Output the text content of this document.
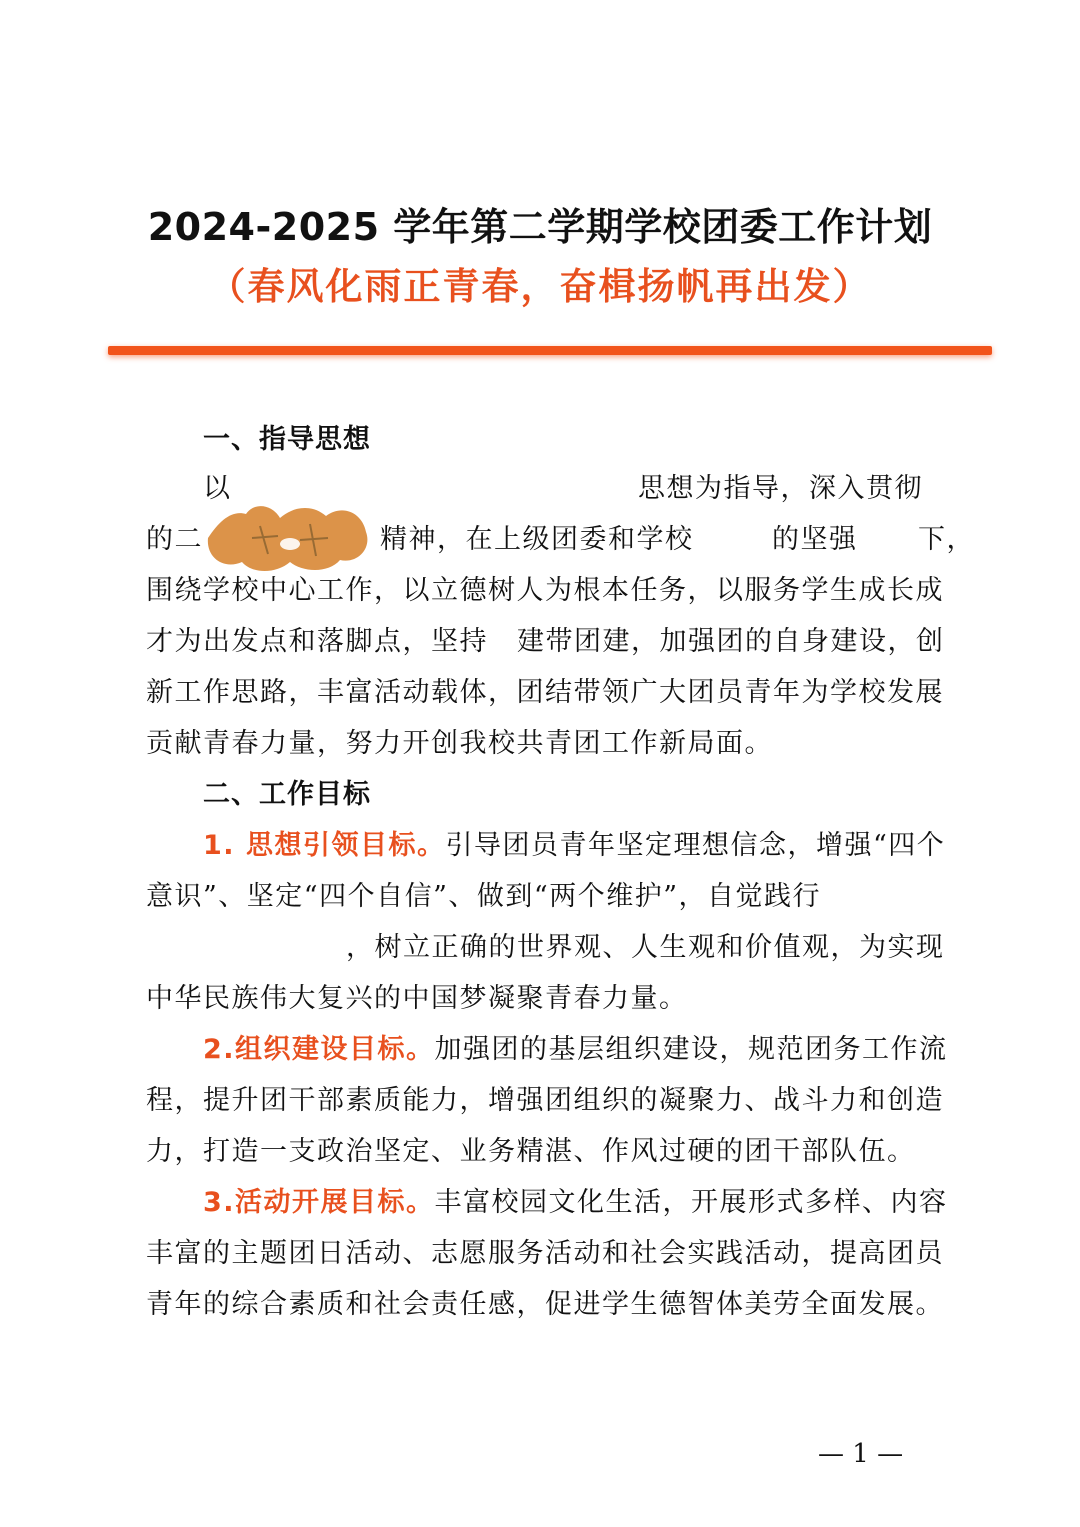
2024-2025 学年第二学期学校团委工作计划
（春风化雨正青春，奋楫扬帆再出发）
一、指导思想
以	思想为指导，深入贯彻
的二	精神，在上级团委和学校	的坚强 下，
围绕学校中心工作，以立德树人为根本任务，以服务学生成长成
才为出发点和落脚点，坚持 建带团建，加强团的自身建设，创
新工作思路，丰富活动载体，团结带领广大团员青年为学校发展
贡献青春力量，努力开创我校共青团工作新局面。
二、工作目标
1. 思想引领目标。引导团员青年坚定理想信念，增强“四个
意识”、坚定“四个自信”、做到“两个维护”，自觉践行
，树立正确的世界观、人生观和价值观，为实现
中华民族伟大复兴的中国梦凝聚青春力量。
2.组织建设目标。加强团的基层组织建设，规范团务工作流
程，提升团干部素质能力，增强团组织的凝聚力、战斗力和创造
力，打造一支政治坚定、业务精湛、作风过硬的团干部队伍。
3.活动开展目标。丰富校园文化生活，开展形式多样、内容
丰富的主题团日活动、志愿服务活动和社会实践活动，提高团员
青年的综合素质和社会责任感，促进学生德智体美劳全面发展。
— 1 —
